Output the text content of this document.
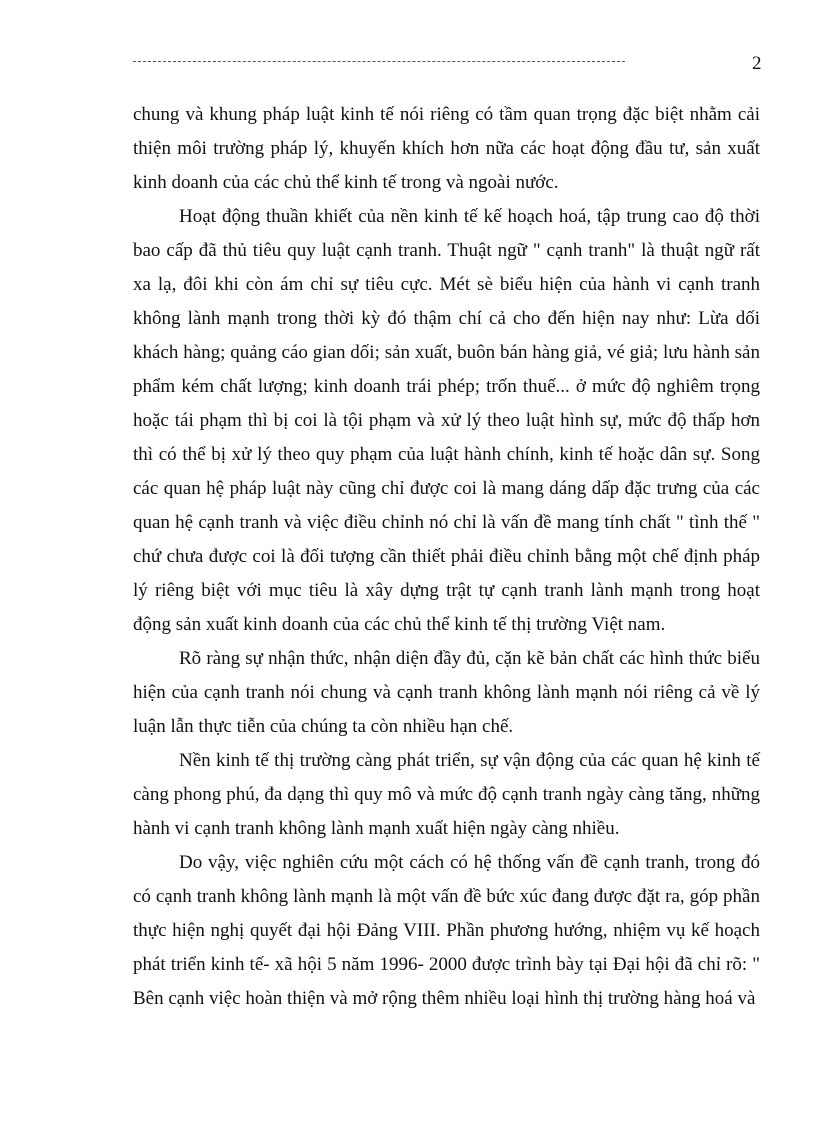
2

chung và khung pháp luật kinh tế nói riêng có tầm quan trọng đặc biệt nhằm cải thiện môi trường pháp lý, khuyến khích hơn nữa các hoạt động đầu tư, sản xuất kinh doanh của các chủ thể kinh tế trong và ngoài nước.

Hoạt động thuần khiết của nền kinh tế kế hoạch hoá, tập trung cao độ thời bao cấp đã thủ tiêu quy luật cạnh tranh. Thuật ngữ " cạnh tranh" là thuật ngữ rất xa lạ, đôi khi còn ám chỉ sự tiêu cực. Mét sè biểu hiện của hành vi cạnh tranh không lành mạnh trong thời kỳ đó thậm chí cả cho đến hiện nay như: Lừa dối khách hàng; quảng cáo gian dối; sản xuất, buôn bán hàng giả, vé giả; lưu hành sản phẩm kém chất lượng; kinh doanh trái phép; trốn thuế... ở mức độ nghiêm trọng hoặc tái phạm thì bị coi là tội phạm và xử lý theo luật hình sự, mức độ thấp hơn thì có thể bị xử lý theo quy phạm của luật hành chính, kinh tế hoặc dân sự. Song các quan hệ pháp luật này cũng chỉ được coi là mang dáng dấp đặc trưng của các quan hệ cạnh tranh và việc điều chỉnh nó chỉ là vấn đề mang tính chất " tình thế " chứ chưa được coi là đối tượng cần thiết phải điều chỉnh bằng một chế định pháp lý riêng biệt với mục tiêu là xây dựng trật tự cạnh tranh lành mạnh trong hoạt động sản xuất kinh doanh của các chủ thể kinh tế thị trường Việt nam.

Rõ ràng sự nhận thức, nhận diện đầy đủ, cặn kẽ bản chất các hình thức biểu hiện của cạnh tranh nói chung và cạnh tranh không lành mạnh nói riêng cả về lý luận lẫn thực tiễn của chúng ta còn nhiều hạn chế.

Nền kinh tế thị trường càng phát triển, sự vận động của các quan hệ kinh tế càng phong phú, đa dạng thì quy mô và mức độ cạnh tranh ngày càng tăng, những hành vi cạnh tranh không lành mạnh xuất hiện ngày càng nhiều.

Do vậy, việc nghiên cứu một cách có hệ thống vấn đề cạnh tranh, trong đó có cạnh tranh không lành mạnh là một vấn đề bức xúc đang được đặt ra, góp phần thực hiện nghị quyết đại hội Đảng VIII. Phần phương hướng, nhiệm vụ kế hoạch phát triển kinh tế- xã hội 5 năm 1996- 2000 được trình bày tại Đại hội đã chỉ rõ: " Bên cạnh việc hoàn thiện và mở rộng thêm nhiều loại hình thị trường hàng hoá và
